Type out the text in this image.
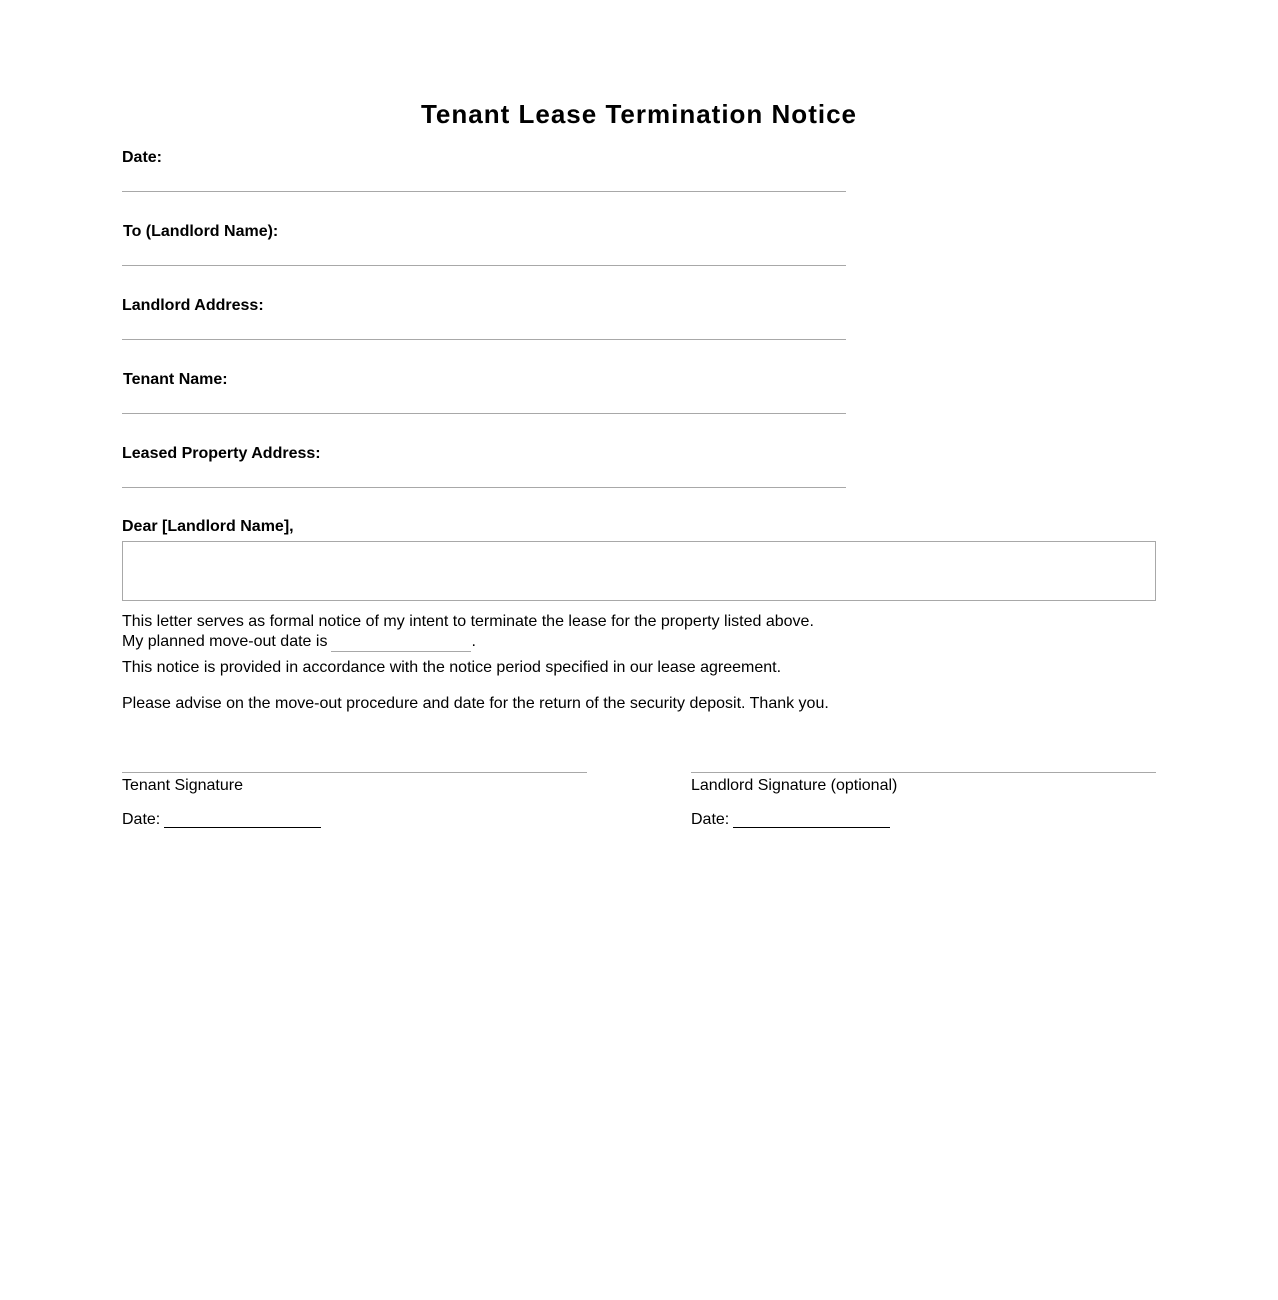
Tenant Lease Termination Notice
Date:
To (Landlord Name):
Landlord Address:
Tenant Name:
Leased Property Address:
Dear [Landlord Name],
This letter serves as formal notice of my intent to terminate the lease for the property listed above.
My planned move-out date is	.
This notice is provided in accordance with the notice period specified in our lease agreement.
Please advise on the move-out procedure and date for the return of the security deposit. Thank you.
Tenant Signature
Date:
Landlord Signature (optional)
Date:
